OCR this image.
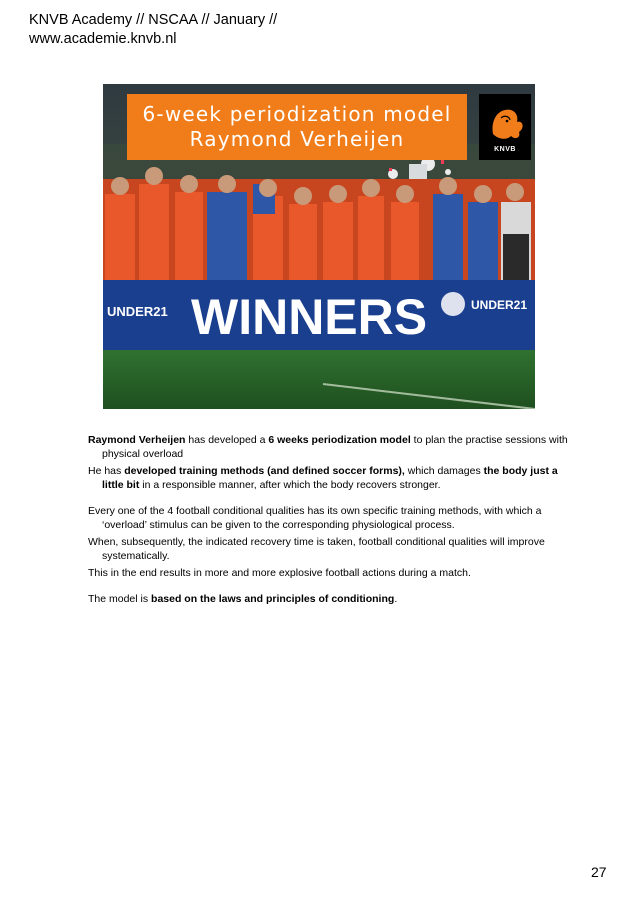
KNVB Academy // NSCAA // January //
www.academie.knvb.nl
WINNERS
UNDER21	UNDER21
6-week periodization model
Raymond Verheijen	KNVB

Raymond Verheijen has developed a 6 weeks periodization model to plan the practise sessions with physical overload

He has developed training methods (and defined soccer forms), which damages the body just a little bit in a responsible manner, after which the body recovers stronger.

Every one of the 4 football conditional qualities has its own specific training methods, with which a ‘overload’ stimulus can be given to the corresponding physiological process.

When, subsequently, the indicated recovery time is taken, football conditional qualities will improve systematically.

This in the end results in more and more explosive football actions during a match.

The model is based on the laws and principles of conditioning.

27
